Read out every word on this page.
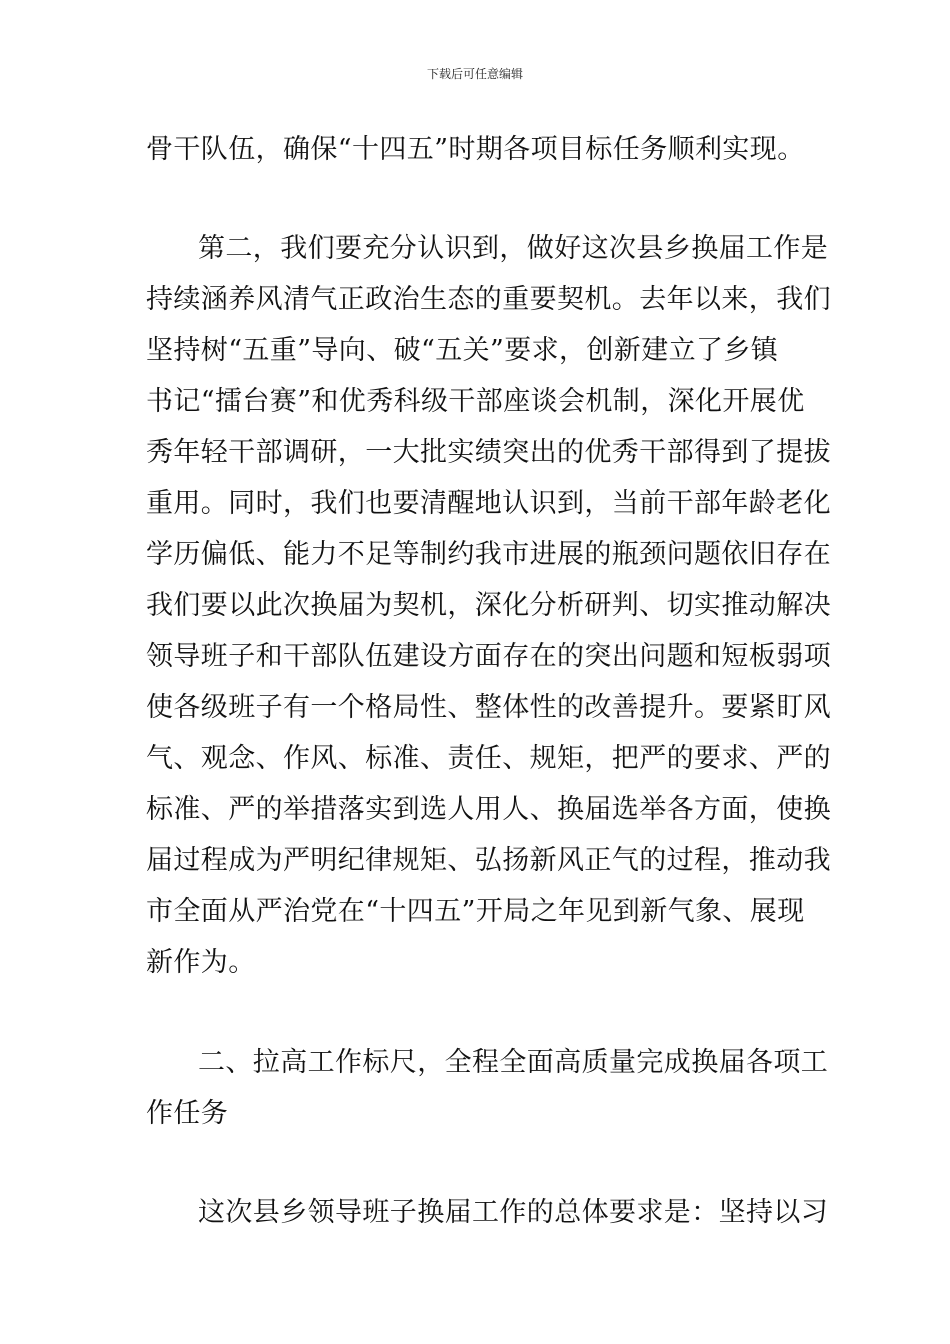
下载后可任意编辑
骨干队伍，确保“十四五”时期各项目标任务顺利实现。
第二，我们要充分认识到，做好这次县乡换届工作是
持续涵养风清气正政治生态的重要契机。去年以来，我们
坚持树“五重”导向、破“五关”要求，创新建立了乡镇
书记“擂台赛”和优秀科级干部座谈会机制，深化开展优
秀年轻干部调研，一大批实绩突出的优秀干部得到了提拔
重用。同时，我们也要清醒地认识到，当前干部年龄老化
学历偏低、能力不足等制约我市进展的瓶颈问题依旧存在
我们要以此次换届为契机，深化分析研判、切实推动解决
领导班子和干部队伍建设方面存在的突出问题和短板弱项
使各级班子有一个格局性、整体性的改善提升。要紧盯风
气、观念、作风、标准、责任、规矩，把严的要求、严的
标准、严的举措落实到选人用人、换届选举各方面，使换
届过程成为严明纪律规矩、弘扬新风正气的过程，推动我
市全面从严治党在“十四五”开局之年见到新气象、展现
新作为。
二、拉高工作标尺，全程全面高质量完成换届各项工
作任务
这次县乡领导班子换届工作的总体要求是：坚持以习
